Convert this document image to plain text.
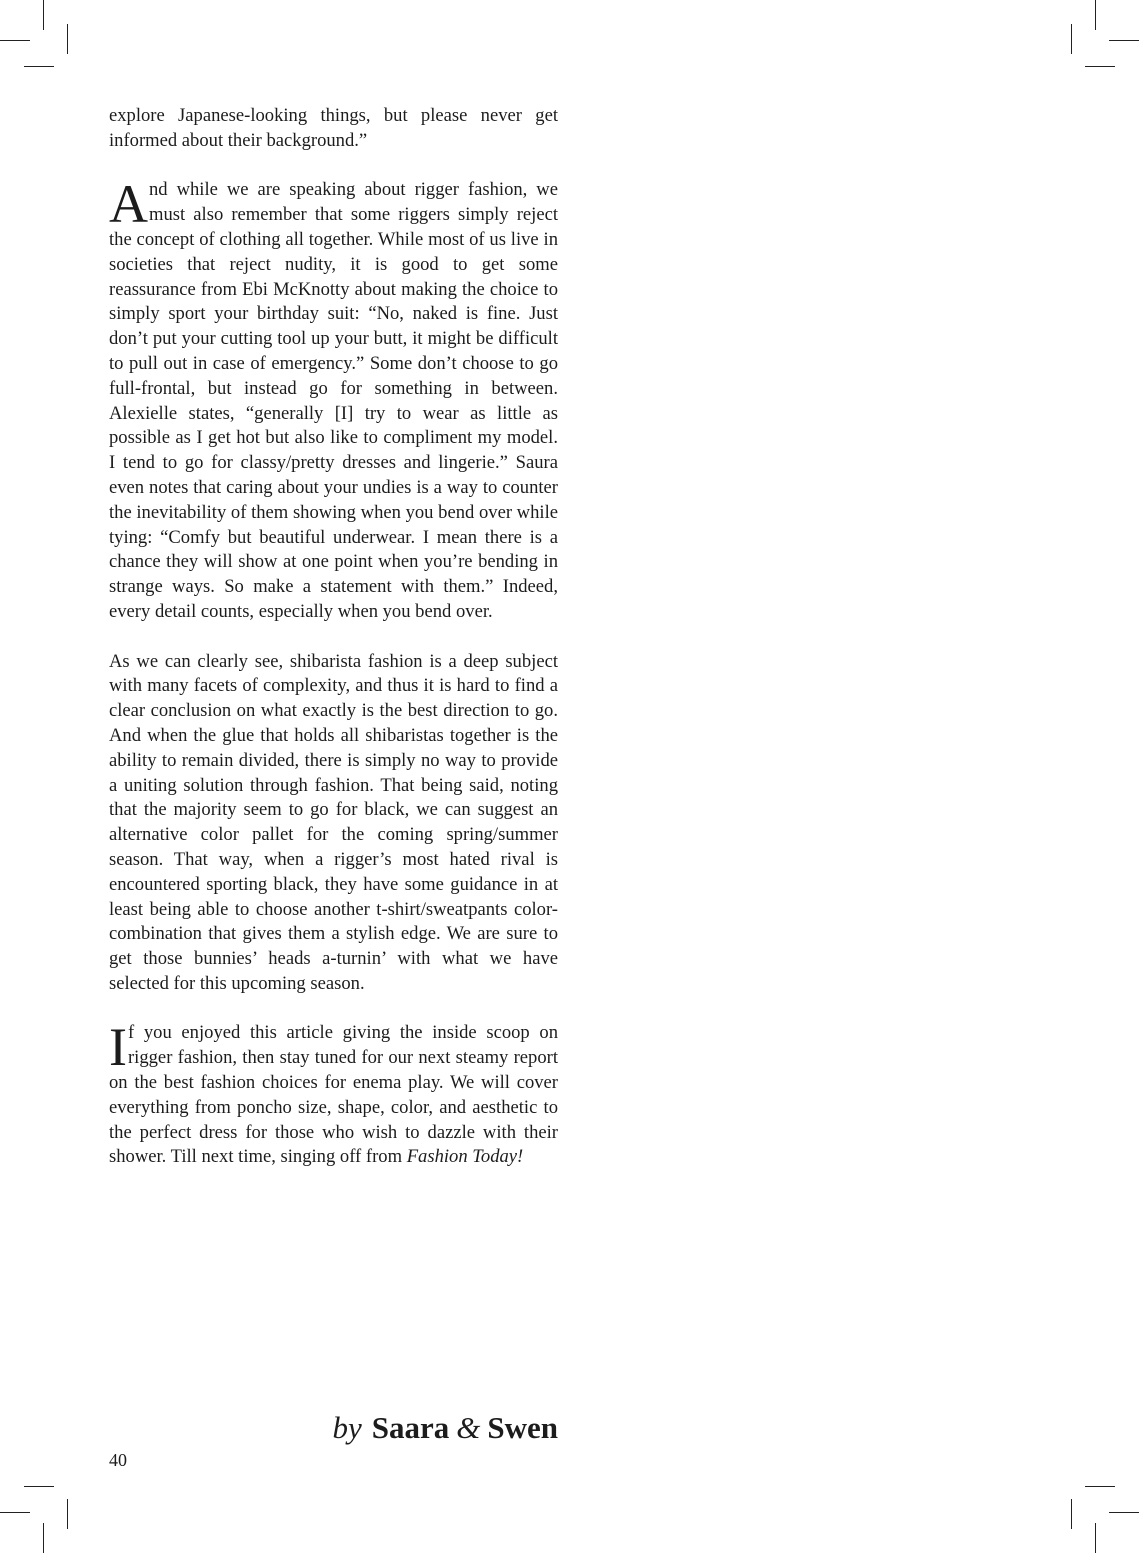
explore Japanese-looking things, but please never get informed about their background.”

And while we are speaking about rigger fashion, we must also remember that some riggers simply reject the concept of clothing all together. While most of us live in societies that reject nudity, it is good to get some reassurance from Ebi McKnotty about making the choice to simply sport your birthday suit: “No, naked is fine. Just don’t put your cutting tool up your butt, it might be difficult to pull out in case of emergency.” Some don’t choose to go full-frontal, but instead go for something in between. Alexielle states, “generally [I] try to wear as little as possible as I get hot but also like to compliment my model. I tend to go for classy/pretty dresses and lingerie.” Saura even notes that caring about your undies is a way to counter the inevitability of them showing when you bend over while tying: “Comfy but beautiful underwear. I mean there is a chance they will show at one point when you’re bending in strange ways. So make a statement with them.” Indeed, every detail counts, especially when you bend over.

As we can clearly see, shibarista fashion is a deep subject with many facets of complexity, and thus it is hard to find a clear conclusion on what exactly is the best direction to go. And when the glue that holds all shibaristas together is the ability to remain divided, there is simply no way to provide a uniting solution through fashion. That being said, noting that the majority seem to go for black, we can suggest an alternative color pallet for the coming spring/summer season. That way, when a rigger’s most hated rival is encountered sporting black, they have some guidance in at least being able to choose another t-shirt/sweatpants color-combination that gives them a stylish edge. We are sure to get those bunnies’ heads a-turnin’ with what we have selected for this upcoming season.

If you enjoyed this article giving the inside scoop on rigger fashion, then stay tuned for our next steamy report on the best fashion choices for enema play. We will cover everything from poncho size, shape, color, and aesthetic to the perfect dress for those who wish to dazzle with their shower. Till next time, singing off from Fashion Today!

by Saara & Swen
40
